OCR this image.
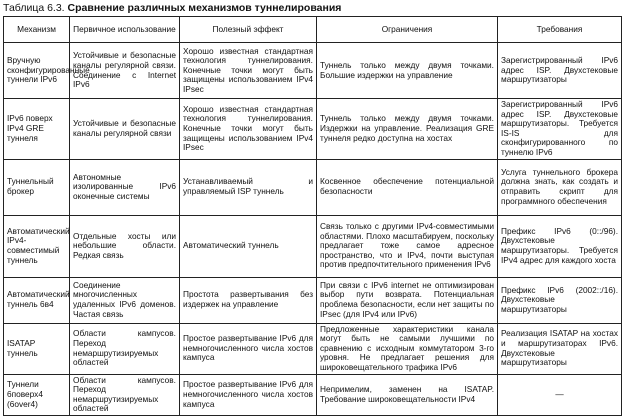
Таблица 6.3. Сравнение различных механизмов туннелирования
Механизм	Первичное использование	Полезный эффект	Ограничения	Требования
Вручную сконфигурированные туннели IPv6	Устойчивые и безопасные каналы регулярной связи. Соединение с Internet IPv6	Хорошо известная стандартная технология туннелирования. Конечные точки могут быть защищены использованием IPv4 IPsec	Туннель только между двумя точками. Большие издержки на управление	Зарегистрированный IPv6 адрес ISP. Двухстековые маршрутизаторы
IPv6 поверх IPv4 GRE туннеля	Устойчивые и безопасные каналы регулярной связи	Хорошо известная стандартная технология туннелирования. Конечные точки могут быть защищены использованием IPv4 IPsec	Туннель только между двумя точками. Издержки на управление. Реализация GRE туннеля редко доступна на хостах	Зарегистрированный IPv6 адрес ISP. Двухстековые маршрутизаторы. Требуется IS-IS для сконфигурированного по туннелю IPv6
Туннельный брокер	Автономные изолированные IPv6 оконечные системы	Устанавливаемый и управляемый ISP туннель	Косвенное обеспечение потенциальной безопасности	Услуга туннельного брокера должна знать, как создать и отправить скрипт для программного обеспечения
Автоматический IPv4-совместимый туннель	Отдельные хосты или небольшие области. Редкая связь	Автоматический туннель	Связь только с другими IPv4-совместимыми областями. Плохо масштабируем, поскольку предлагает тоже самое адресное пространство, что и IPv4, почти выступая против предпочтительного применения IPv6	Префикс IPv6 (0::/96). Двухстековые маршрутизаторы. Требуется IPv4 адрес для каждого хоста
Автоматический туннель 6в4	Соединение многочисленных удаленных IPv6 доменов. Частая связь	Простота развертывания без издержек на управление	При связи с IPv6 internet не оптимизирован выбор пути возврата. Потенциальная проблема безопасности, если нет защиты по IPsec (для IPv4 или IPv6)	Префикс IPv6 (2002::/16). Двухстековые маршрутизаторы
ISATAP туннель	Области кампусов. Переход немаршрутизируемых областей	Простое развертывание IPv6 для немногочисленного числа хостов кампуса	Предложенные характеристики канала могут быть не самыми лучшими по сравнению с исходным коммутатором 3-го уровня. Не предлагает решения для широковещательного трафика IPv6	Реализация ISATAP на хостах и маршрутизаторах IPv6. Двухстековые маршрутизаторы
Туннели 6поверх4 (6over4)	Области кампусов. Переход немаршрутизируемых областей	Простое развертывание IPv6 для немногочисленного числа хостов кампуса	Непримелим, заменен на ISATAP. Требование широковещательности IPv4	—
